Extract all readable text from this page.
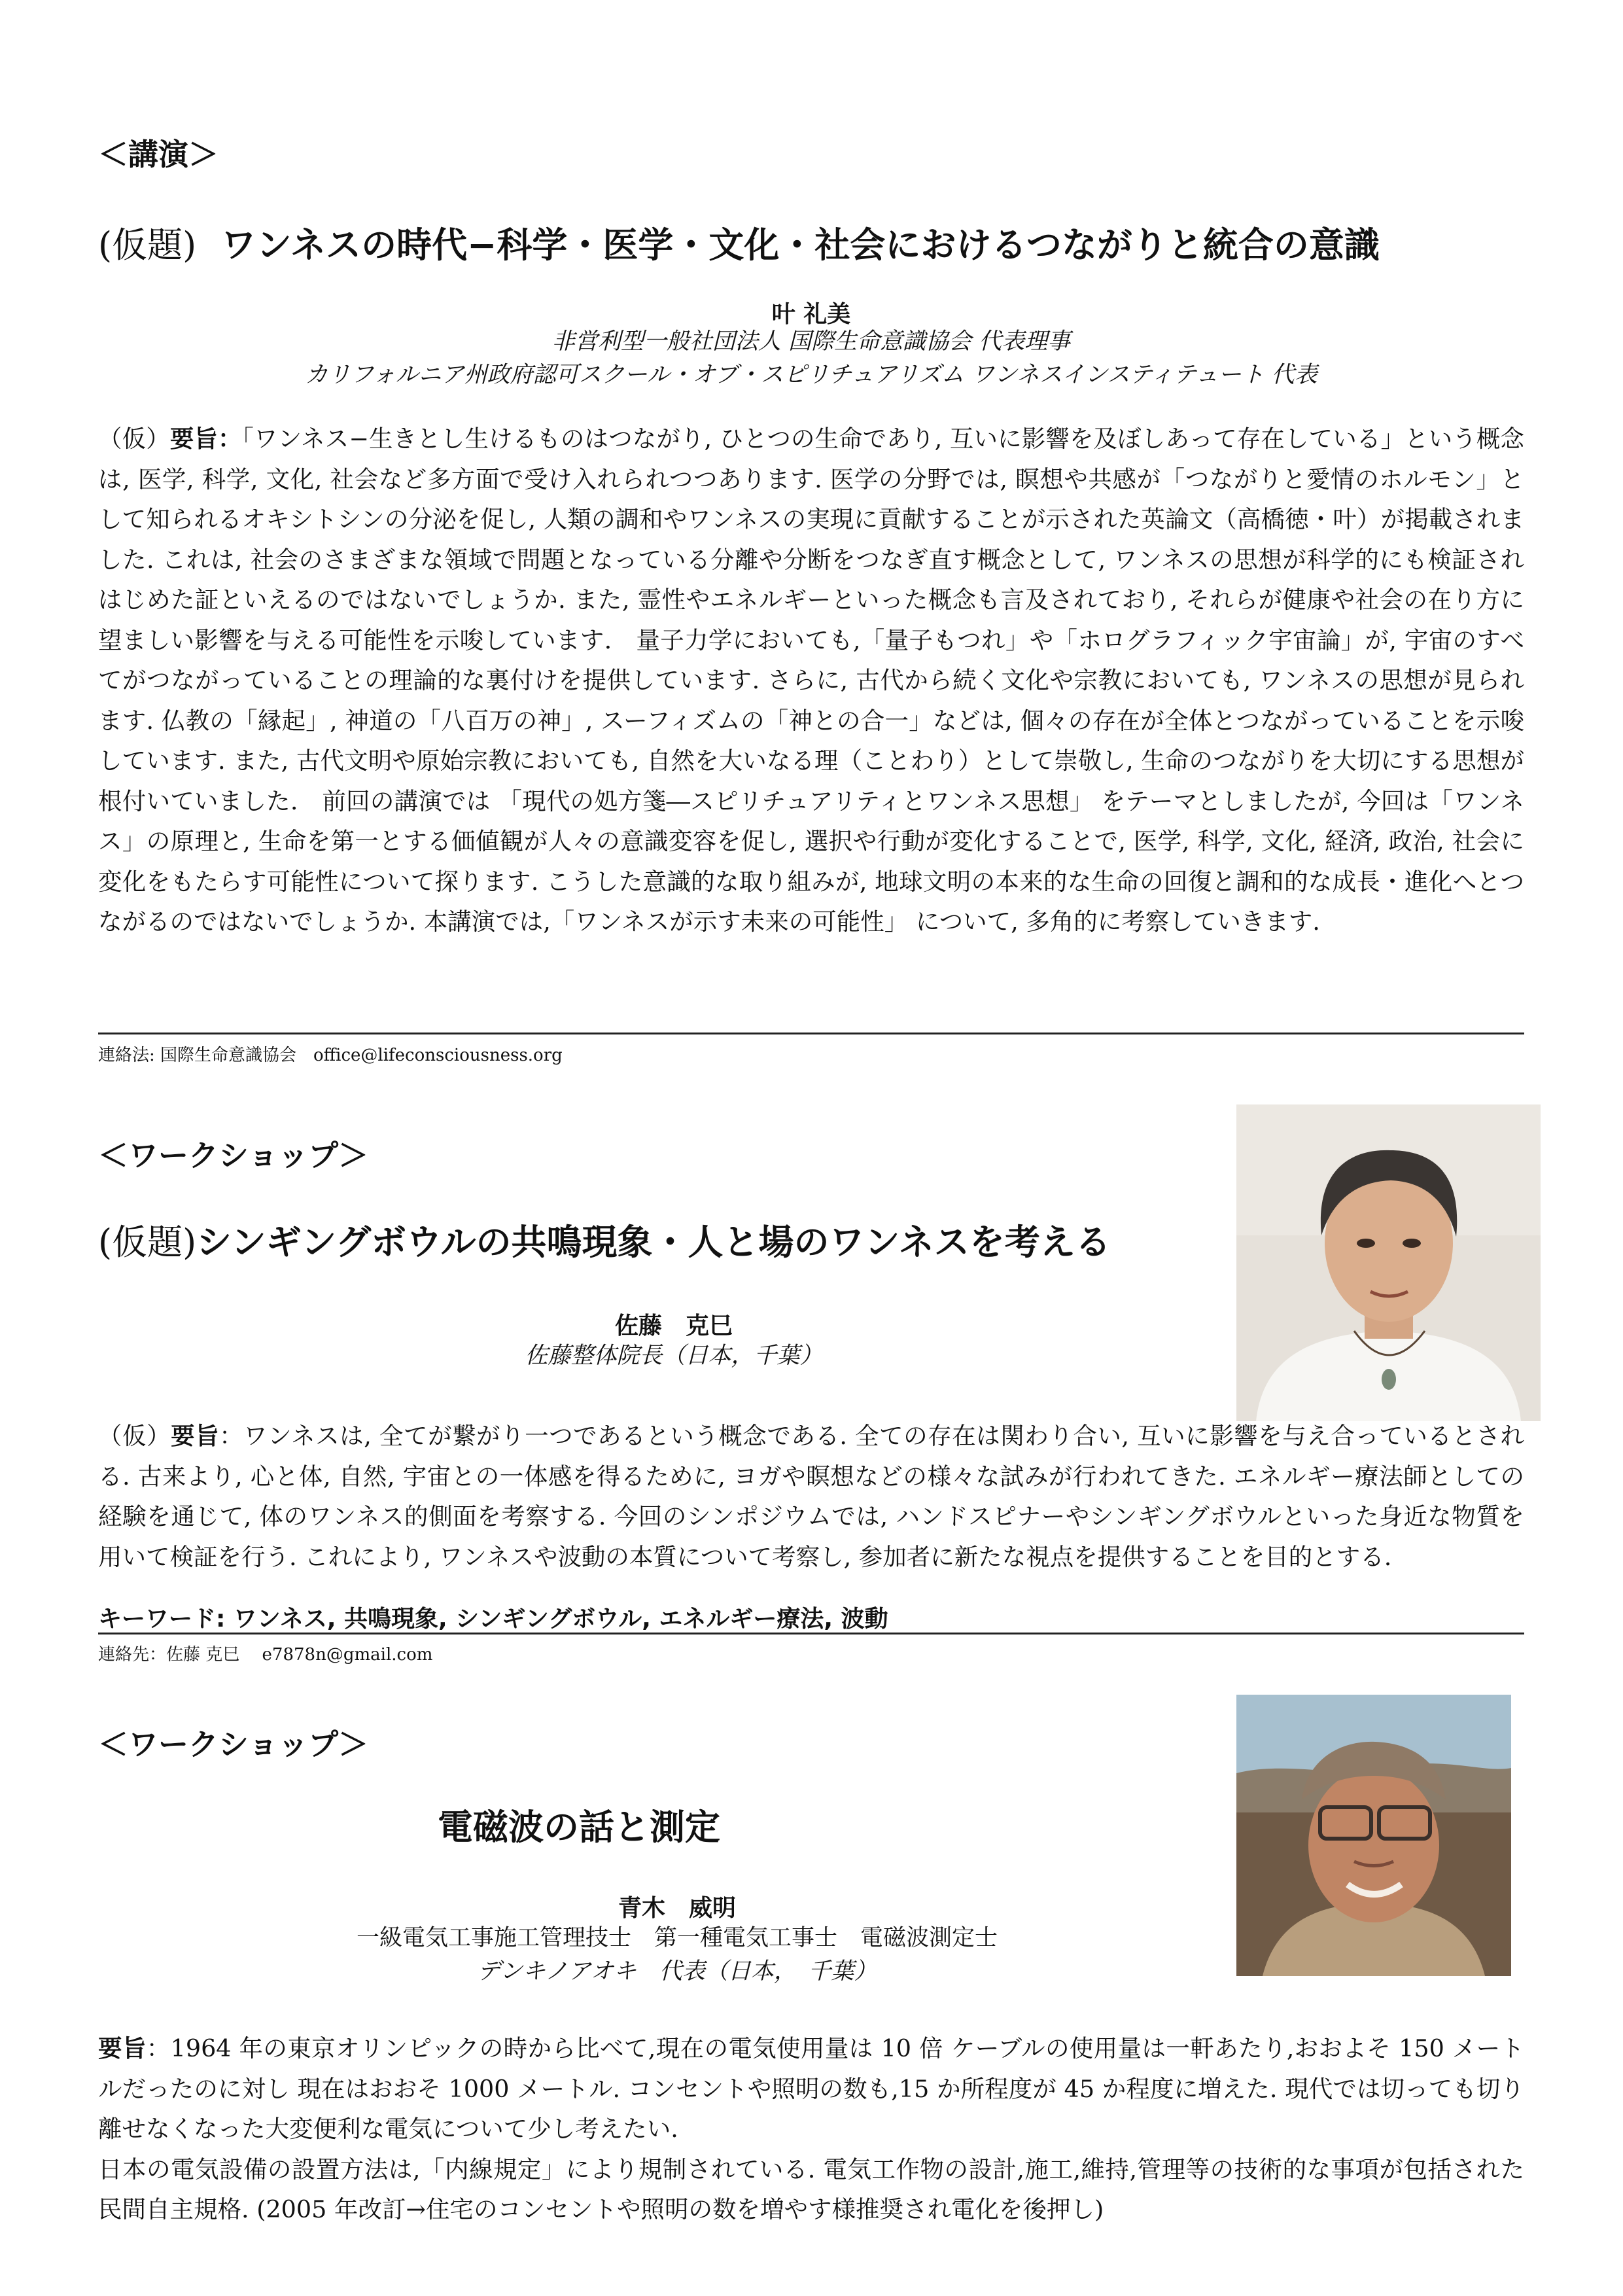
＜講演＞
(仮題) ワンネスの時代−科学・医学・文化・社会におけるつながりと統合の意識
叶 礼美
非営利型一般社団法人 国際生命意識協会 代表理事
カリフォルニア州政府認可スクール・オブ・スピリチュアリズム ワンネスインスティテュート 代表

（仮）要旨：「ワンネス−生きとし生けるものはつながり, ひとつの生命であり, 互いに影響を及ぼしあって存在している」という概念は, 医学, 科学, 文化, 社会など多方面で受け入れられつつあります. 医学の分野では, 瞑想や共感が「つながりと愛情のホルモン」として知られるオキシトシンの分泌を促し, 人類の調和やワンネスの実現に貢献することが示された英論文（高橋徳・叶）が掲載されました. これは, 社会のさまざまな領域で問題となっている分離や分断をつなぎ直す概念として, ワンネスの思想が科学的にも検証されはじめた証といえるのではないでしょうか. また, 霊性やエネルギーといった概念も言及されており, それらが健康や社会の在り方に望ましい影響を与える可能性を示唆しています.　量子力学においても,「量子もつれ」や「ホログラフィック宇宙論」が, 宇宙のすべてがつながっていることの理論的な裏付けを提供しています. さらに, 古代から続く文化や宗教においても, ワンネスの思想が見られます. 仏教の「縁起」, 神道の「八百万の神」, スーフィズムの「神との合一」などは, 個々の存在が全体とつながっていることを示唆しています. また, 古代文明や原始宗教においても, 自然を大いなる理（ことわり）として崇敬し, 生命のつながりを大切にする思想が根付いていました.　前回の講演では 「現代の処方箋―スピリチュアリティとワンネス思想」 をテーマとしましたが, 今回は「ワンネス」の原理と, 生命を第一とする価値観が人々の意識変容を促し, 選択や行動が変化することで, 医学, 科学, 文化, 経済, 政治, 社会に変化をもたらす可能性について探ります. こうした意識的な取り組みが, 地球文明の本来的な生命の回復と調和的な成長・進化へとつながるのではないでしょうか. 本講演では,「ワンネスが示す未来の可能性」 について, 多角的に考察していきます.

連絡法: 国際生命意識協会　office@lifeconsciousness.org
＜ワークショップ＞
(仮題)シンギングボウルの共鳴現象・人と場のワンネスを考える
佐藤　克巳
佐藤整体院長（日本，千葉）

（仮）要旨：ワンネスは, 全てが繋がり一つであるという概念である. 全ての存在は関わり合い, 互いに影響を与え合っているとされる. 古来より, 心と体, 自然, 宇宙との一体感を得るために, ヨガや瞑想などの様々な試みが行われてきた. エネルギー療法師としての経験を通じて, 体のワンネス的側面を考察する. 今回のシンポジウムでは, ハンドスピナーやシンギングボウルといった身近な物質を用いて検証を行う. これにより, ワンネスや波動の本質について考察し, 参加者に新たな視点を提供することを目的とする.

キーワード: ワンネス, 共鳴現象, シンギングボウル, エネルギー療法, 波動
連絡先：佐藤 克巳　 e7878n@gmail.com
＜ワークショップ＞
電磁波の話と測定
青木　威明
一級電気工事施工管理技士　第一種電気工事士　電磁波測定士
デンキノアオキ　代表（日本，　千葉）

要旨：1964 年の東京オリンピックの時から比べて,現在の電気使用量は 10 倍 ケーブルの使用量は一軒あたり,おおよそ 150 メートルだったのに対し 現在はおおそ 1000 メートル. コンセントや照明の数も,15 か所程度が 45 か程度に増えた. 現代では切っても切り離せなくなった大変便利な電気について少し考えたい.
日本の電気設備の設置方法は,「内線規定」により規制されている. 電気工作物の設計,施工,維持,管理等の技術的な事項が包括された民間自主規格. (2005 年改訂→住宅のコンセントや照明の数を増やす様推奨され電化を後押し)
